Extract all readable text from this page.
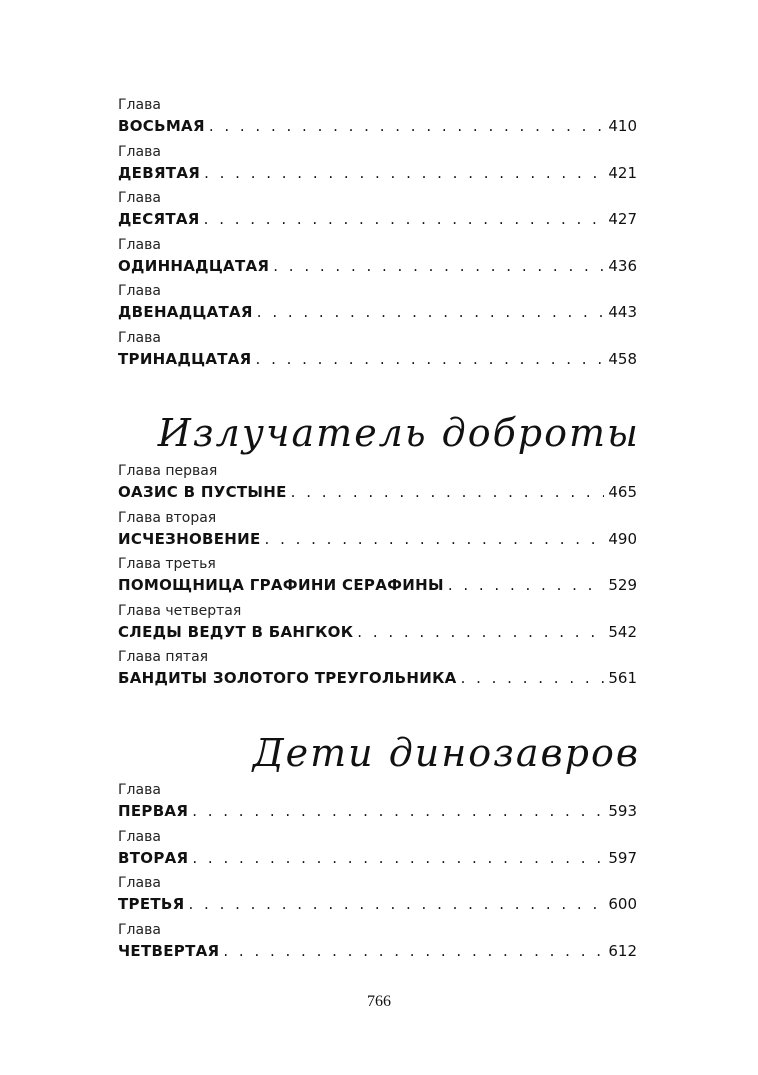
Глава
ВОСЬМАЯ . . .	410
Глава
ДЕВЯТАЯ . . .	421
Глава
ДЕСЯТАЯ . . .	427
Глава
ОДИННАДЦАТАЯ . . .	436
Глава
ДВЕНАДЦАТАЯ . . .	443
Глава
ТРИНАДЦАТАЯ . . .	458
Излучатель доброты
Глава первая
ОАЗИС В ПУСТЫНЕ . . .	465
Глава вторая
ИСЧЕЗНОВЕНИЕ . . .	490
Глава третья
ПОМОЩНИЦА ГРАФИНИ СЕРАФИНЫ . . .	529
Глава четвертая
СЛЕДЫ ВЕДУТ В БАНГКОК . . .	542
Глава пятая
БАНДИТЫ ЗОЛОТОГО ТРЕУГОЛЬНИКА . . .	561
Дети динозавров
Глава
ПЕРВАЯ . . .	593
Глава
ВТОРАЯ . . .	597
Глава
ТРЕТЬЯ . . .	600
Глава
ЧЕТВЕРТАЯ . . .	612
766
